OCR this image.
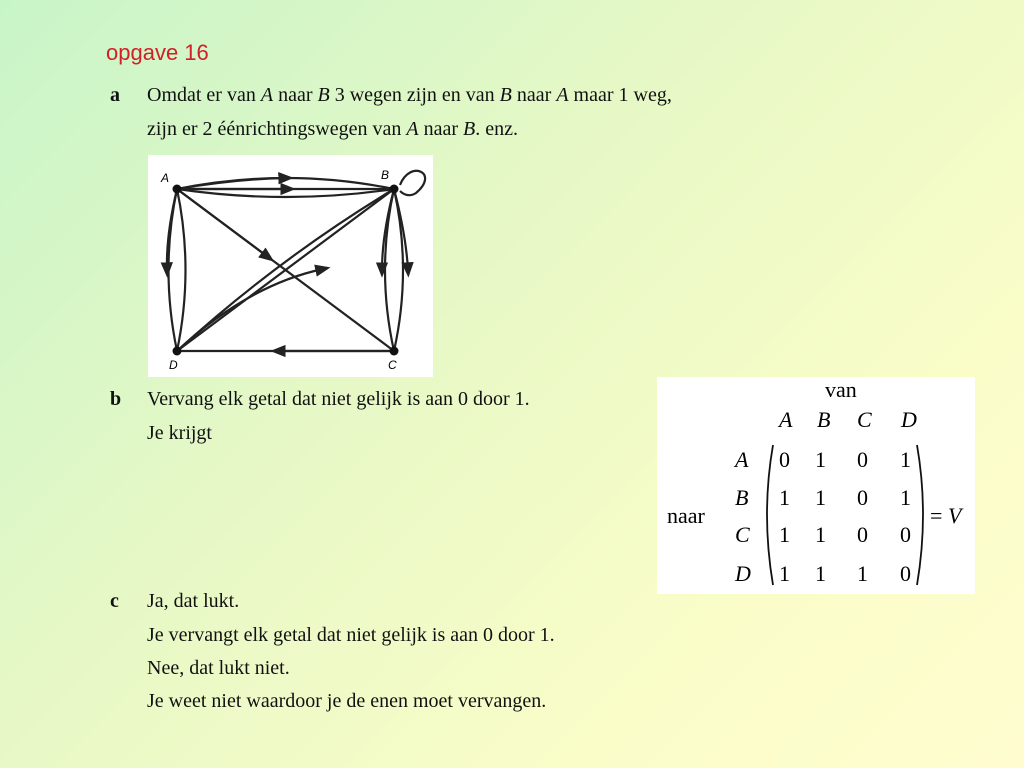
opgave 16
a Omdat er van A naar B 3 wegen zijn en van B naar A maar 1 weg,
zijn er 2 éénrichtingswegen van A naar B. enz.
A	B
C
D
b Vervang elk getal dat niet gelijk is aan 0 door 1.
Je krijgt
van
naar
A B C D
A
B
C
D
0 1 0 1
1 1 0 1
1 1 0 0
1 1 1 0
= V
c Ja, dat lukt.
Je vervangt elk getal dat niet gelijk is aan 0 door 1.
Nee, dat lukt niet.
Je weet niet waardoor je de enen moet vervangen.
